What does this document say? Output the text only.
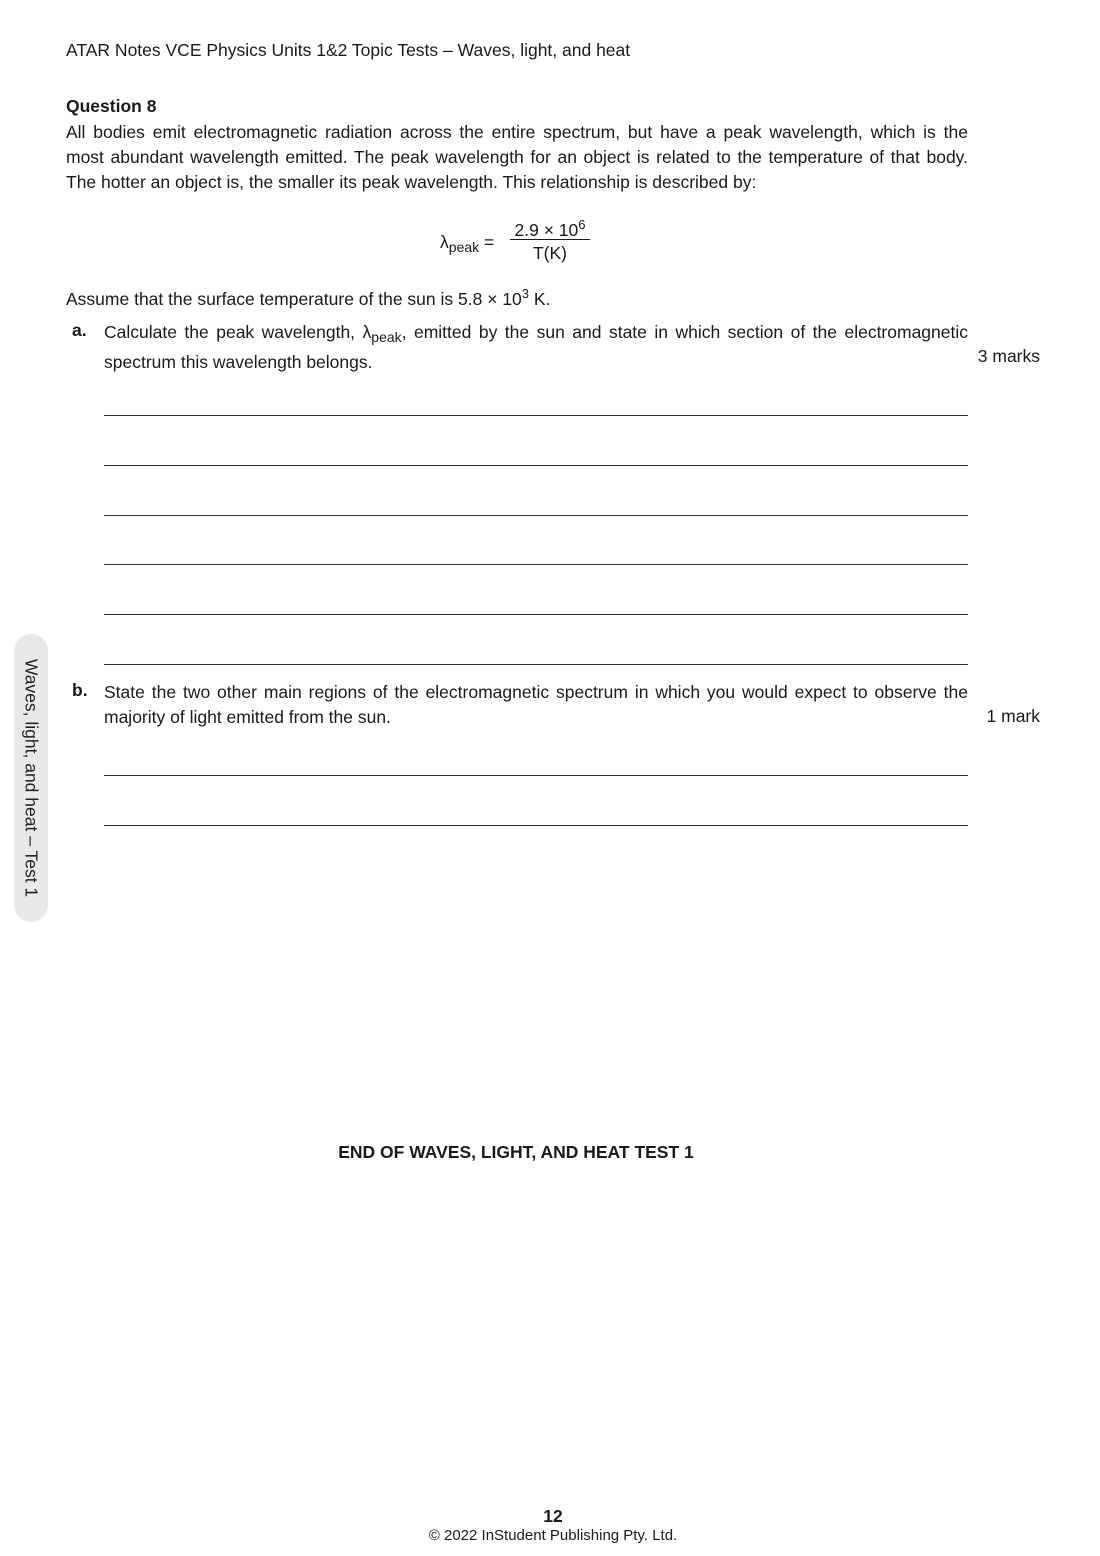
ATAR Notes VCE Physics Units 1&2 Topic Tests – Waves, light, and heat
Question 8
All bodies emit electromagnetic radiation across the entire spectrum, but have a peak wavelength, which is the
most abundant wavelength emitted. The peak wavelength for an object is related to the temperature of that body.
The hotter an object is, the smaller its peak wavelength. This relationship is described by:
$\lambda_{peak}$ =
$2.9 \times 10^6$
T(K)
Assume that the surface temperature of the sun is $5.8 \times 10^3$ K.
a. Calculate the peak wavelength, $\lambda_{peak}$, emitted by the sun and state in which section of the electromagnetic
spectrum this wavelength belongs.	3 marks
b. State the two other main regions of the electromagnetic spectrum in which you would expect to observe the
majority of light emitted from the sun.	1 mark
Waves, light, and heat – Test 1
END OF WAVES, LIGHT, AND HEAT TEST 1
12
© 2022 InStudent Publishing Pty. Ltd.
